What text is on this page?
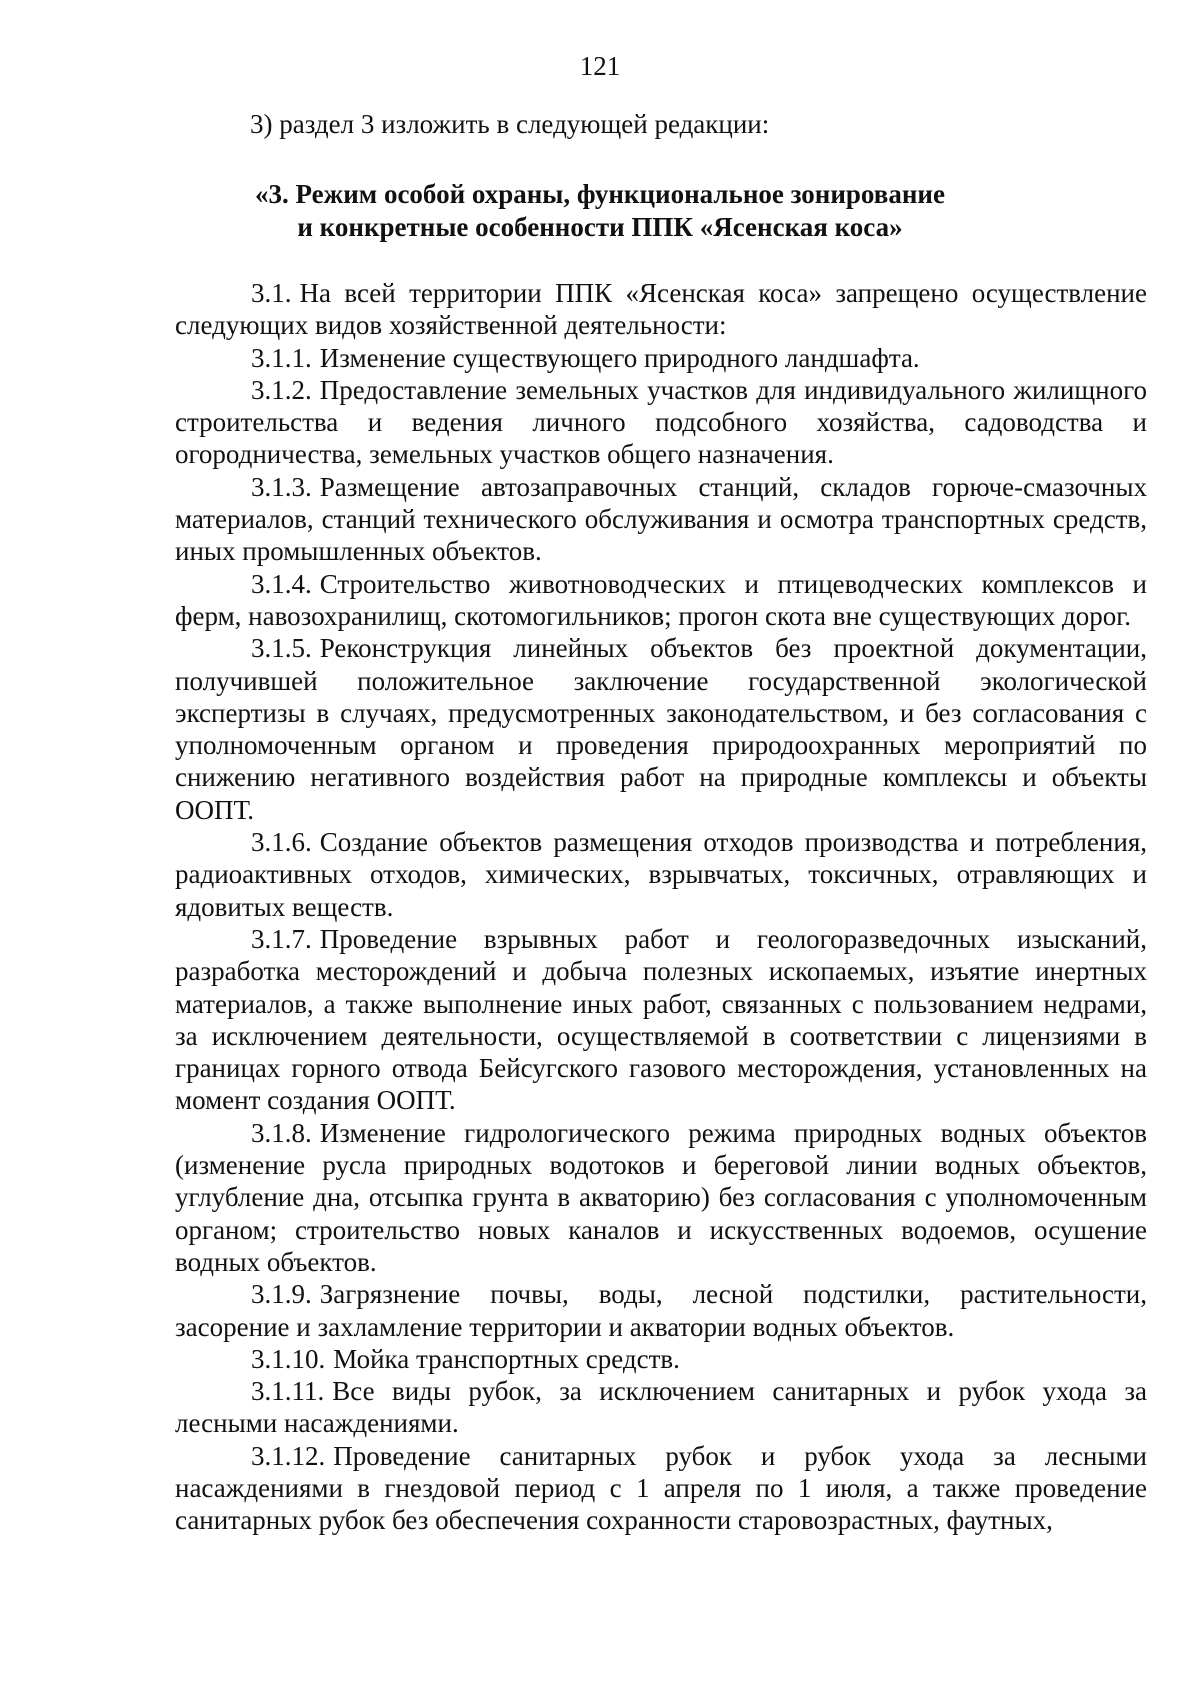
121
3) раздел 3 изложить в следующей редакции:
«3. Режим особой охраны, функциональное зонирование
и конкретные особенности ППК «Ясенская коса»

3.1. На всей территории ППК «Ясенская коса» запрещено осуществление следующих видов хозяйственной деятельности:

3.1.1. Изменение существующего природного ландшафта.

3.1.2. Предоставление земельных участков для индивидуального жилищного строительства и ведения личного подсобного хозяйства, садоводства и огородничества, земельных участков общего назначения.

3.1.3. Размещение автозаправочных станций, складов горюче-смазочных материалов, станций технического обслуживания и осмотра транспортных средств, иных промышленных объектов.

3.1.4. Строительство животноводческих и птицеводческих комплексов и ферм, навозохранилищ, скотомогильников; прогон скота вне существующих дорог.

3.1.5. Реконструкция линейных объектов без проектной документации, получившей положительное заключение государственной экологической экспертизы в случаях, предусмотренных законодательством, и без согласования с уполномоченным органом и проведения природоохранных мероприятий по снижению негативного воздействия работ на природные комплексы и объекты ООПТ.

3.1.6. Создание объектов размещения отходов производства и потребления, радиоактивных отходов, химических, взрывчатых, токсичных, отравляющих и ядовитых веществ.

3.1.7. Проведение взрывных работ и геологоразведочных изысканий, разработка месторождений и добыча полезных ископаемых, изъятие инертных материалов, а также выполнение иных работ, связанных с пользованием недрами, за исключением деятельности, осуществляемой в соответствии с лицензиями в границах горного отвода Бейсугского газового месторождения, установленных на момент создания ООПТ.

3.1.8. Изменение гидрологического режима природных водных объектов (изменение русла природных водотоков и береговой линии водных объектов, углубление дна, отсыпка грунта в акваторию) без согласования с уполномоченным органом; строительство новых каналов и искусственных водоемов, осушение водных объектов.

3.1.9. Загрязнение почвы, воды, лесной подстилки, растительности, засорение и захламление территории и акватории водных объектов.

3.1.10. Мойка транспортных средств.

3.1.11. Все виды рубок, за исключением санитарных и рубок ухода за лесными насаждениями.

3.1.12. Проведение санитарных рубок и рубок ухода за лесными насаждениями в гнездовой период с 1 апреля по 1 июля, а также проведение санитарных рубок без обеспечения сохранности старовозрастных, фаутных,
